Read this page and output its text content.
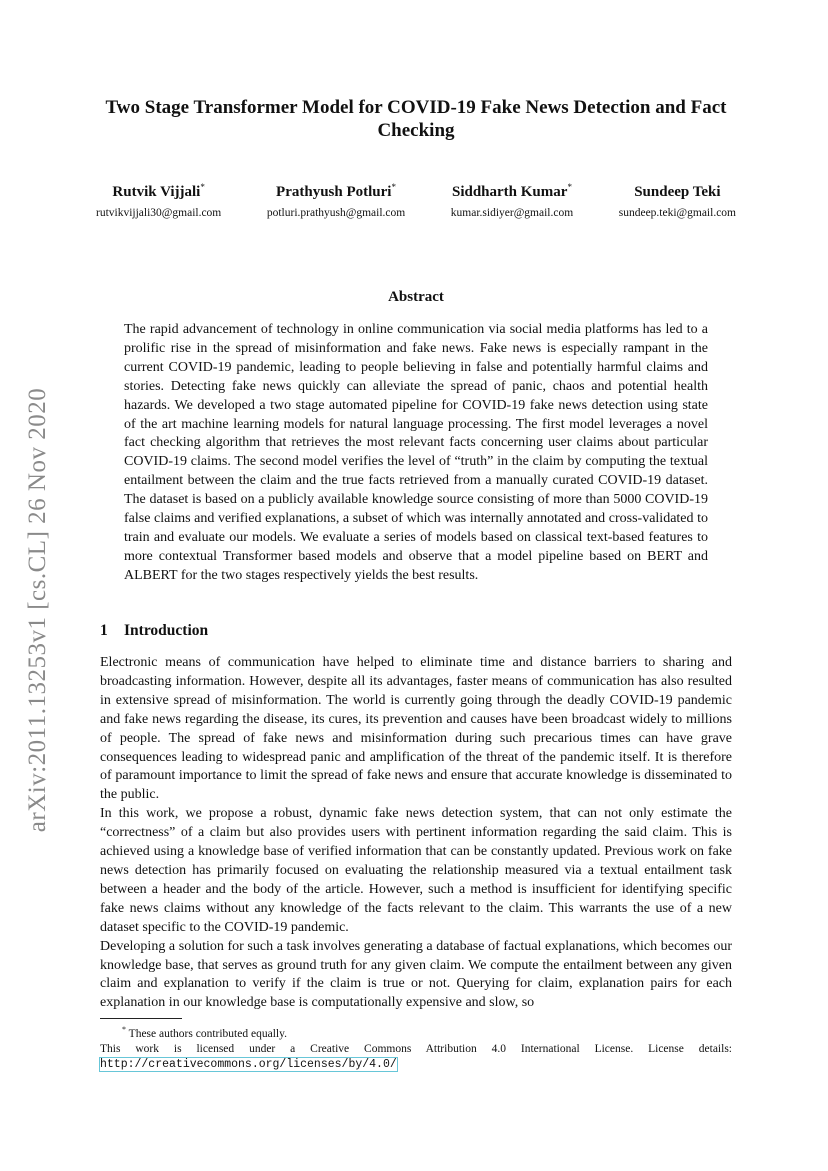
arXiv:2011.13253v1 [cs.CL] 26 Nov 2020
Two Stage Transformer Model for COVID-19 Fake News Detection and Fact Checking
Rutvik Vijjali*
rutvikvijjali30@gmail.com
Prathyush Potluri*
potluri.prathyush@gmail.com
Siddharth Kumar*
kumar.sidiyer@gmail.com
Sundeep Teki
sundeep.teki@gmail.com
Abstract

The rapid advancement of technology in online communication via social media platforms has led to a prolific rise in the spread of misinformation and fake news. Fake news is especially rampant in the current COVID-19 pandemic, leading to people believing in false and potentially harmful claims and stories. Detecting fake news quickly can alleviate the spread of panic, chaos and potential health hazards. We developed a two stage automated pipeline for COVID-19 fake news detection using state of the art machine learning models for natural language processing. The first model leverages a novel fact checking algorithm that retrieves the most relevant facts concerning user claims about particular COVID-19 claims. The second model verifies the level of “truth” in the claim by computing the textual entailment between the claim and the true facts retrieved from a manually curated COVID-19 dataset. The dataset is based on a publicly available knowledge source consisting of more than 5000 COVID-19 false claims and verified explanations, a subset of which was internally annotated and cross-validated to train and evaluate our models. We evaluate a series of models based on classical text-based features to more contextual Transformer based models and observe that a model pipeline based on BERT and ALBERT for the two stages respectively yields the best results.

1 Introduction

Electronic means of communication have helped to eliminate time and distance barriers to sharing and broadcasting information. However, despite all its advantages, faster means of communication has also resulted in extensive spread of misinformation. The world is currently going through the deadly COVID-19 pandemic and fake news regarding the disease, its cures, its prevention and causes have been broadcast widely to millions of people. The spread of fake news and misinformation during such precarious times can have grave consequences leading to widespread panic and amplification of the threat of the pandemic itself. It is therefore of paramount importance to limit the spread of fake news and ensure that accurate knowledge is disseminated to the public.

In this work, we propose a robust, dynamic fake news detection system, that can not only estimate the “correctness” of a claim but also provides users with pertinent information regarding the said claim. This is achieved using a knowledge base of verified information that can be constantly updated. Previous work on fake news detection has primarily focused on evaluating the relationship measured via a textual entailment task between a header and the body of the article. However, such a method is insufficient for identifying specific fake news claims without any knowledge of the facts relevant to the claim. This warrants the use of a new dataset specific to the COVID-19 pandemic.

Developing a solution for such a task involves generating a database of factual explanations, which becomes our knowledge base, that serves as ground truth for any given claim. We compute the entailment between any given claim and explanation to verify if the claim is true or not. Querying for claim, explanation pairs for each explanation in our knowledge base is computationally expensive and slow, so

* These authors contributed equally.
This work is licensed under a Creative Commons Attribution 4.0 International License. License details: http://creativecommons.org/licenses/by/4.0/
